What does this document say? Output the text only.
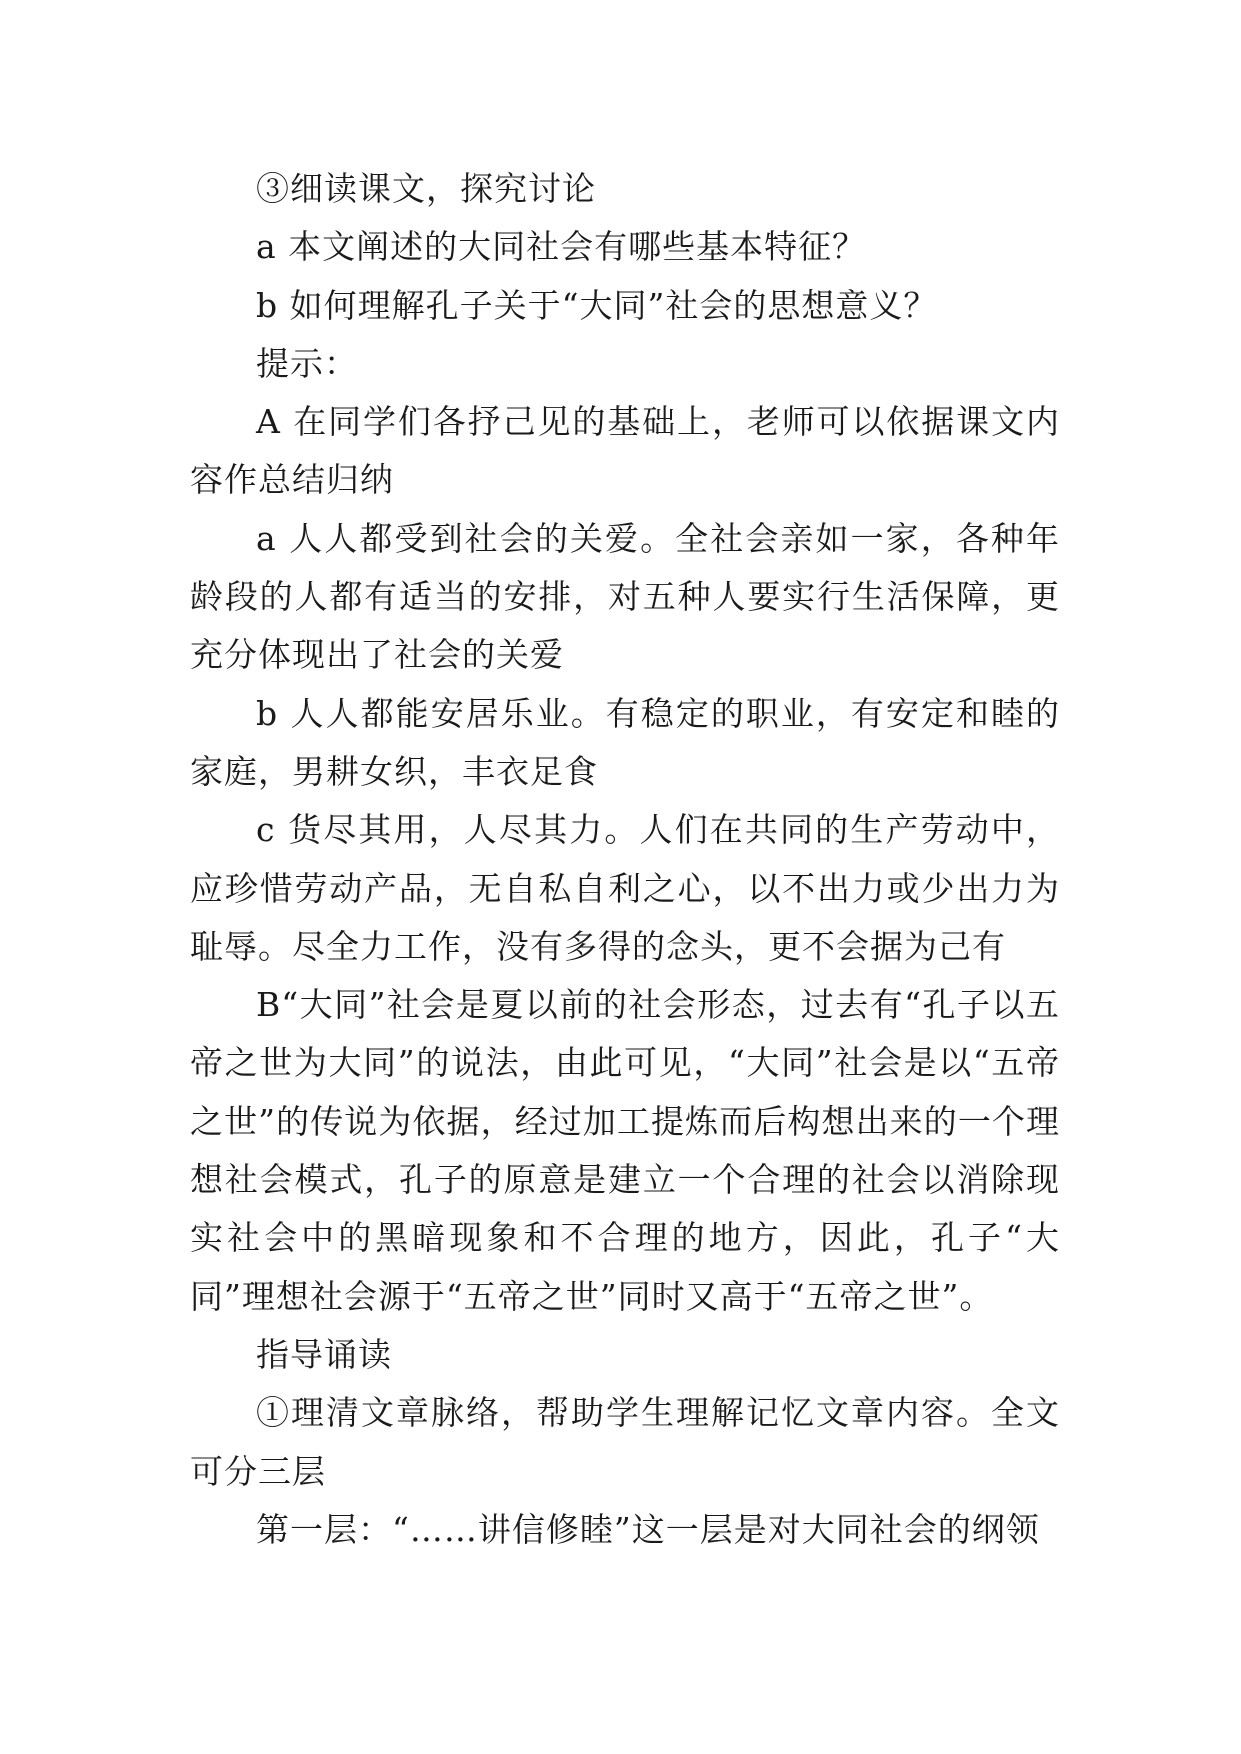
③细读课文，探究讨论

a 本文阐述的大同社会有哪些基本特征？

b 如何理解孔子关于“大同”社会的思想意义？

提示：

A 在同学们各抒己见的基础上，老师可以依据课文内容作总结归纳

a 人人都受到社会的关爱。全社会亲如一家，各种年龄段的人都有适当的安排，对五种人要实行生活保障，更充分体现出了社会的关爱

b 人人都能安居乐业。有稳定的职业，有安定和睦的家庭，男耕女织，丰衣足食

c 货尽其用，人尽其力。人们在共同的生产劳动中，应珍惜劳动产品，无自私自利之心，以不出力或少出力为耻辱。尽全力工作，没有多得的念头，更不会据为己有

B“大同”社会是夏以前的社会形态，过去有“孔子以五帝之世为大同”的说法，由此可见，“大同”社会是以“五帝之世”的传说为依据，经过加工提炼而后构想出来的一个理想社会模式，孔子的原意是建立一个合理的社会以消除现实社会中的黑暗现象和不合理的地方，因此，孔子“大同”理想社会源于“五帝之世”同时又高于“五帝之世”。

指导诵读

①理清文章脉络，帮助学生理解记忆文章内容。全文可分三层

第一层：“……讲信修睦”这一层是对大同社会的纲领
